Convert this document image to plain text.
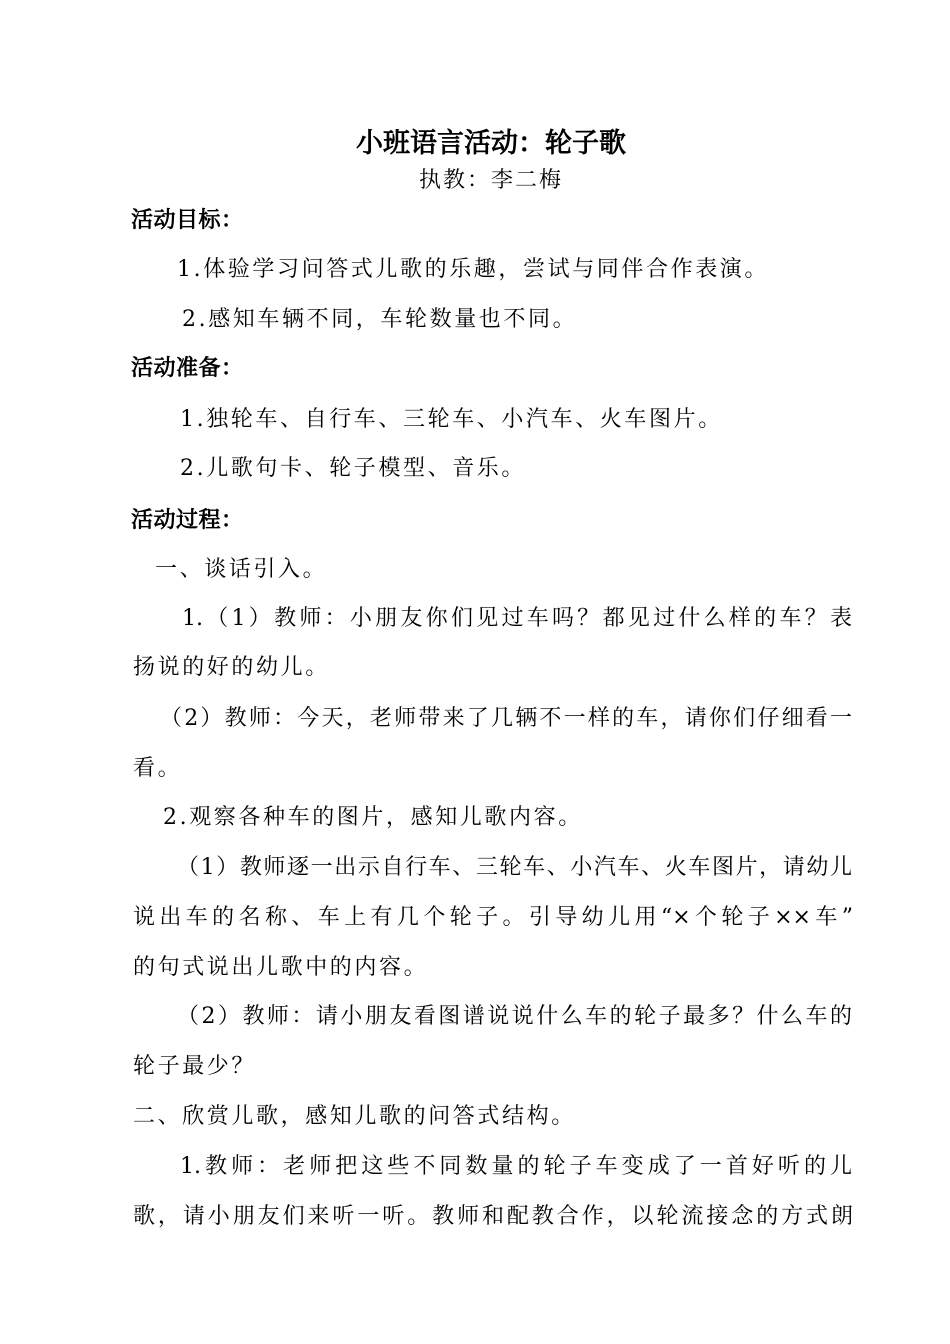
小班语言活动：轮子歌
执教：李二梅
活动目标：
1.体验学习问答式儿歌的乐趣，尝试与同伴合作表演。
2.感知车辆不同，车轮数量也不同。
活动准备：
1.独轮车、自行车、三轮车、小汽车、火车图片。
2.儿歌句卡、轮子模型、音乐。
活动过程：
一、谈话引入。
1.（1）教师：小朋友你们见过车吗？都见过什么样的车？表
扬说的好的幼儿。
（2）教师：今天，老师带来了几辆不一样的车，请你们仔细看一
看。
2.观察各种车的图片，感知儿歌内容。
（1）教师逐一出示自行车、三轮车、小汽车、火车图片，请幼儿
说出车的名称、车上有几个轮子。引导幼儿用“×个轮子××车”
的句式说出儿歌中的内容。
（2）教师：请小朋友看图谱说说什么车的轮子最多？什么车的
轮子最少？
二、欣赏儿歌，感知儿歌的问答式结构。
1.教师：老师把这些不同数量的轮子车变成了一首好听的儿
歌，请小朋友们来听一听。教师和配教合作，以轮流接念的方式朗
